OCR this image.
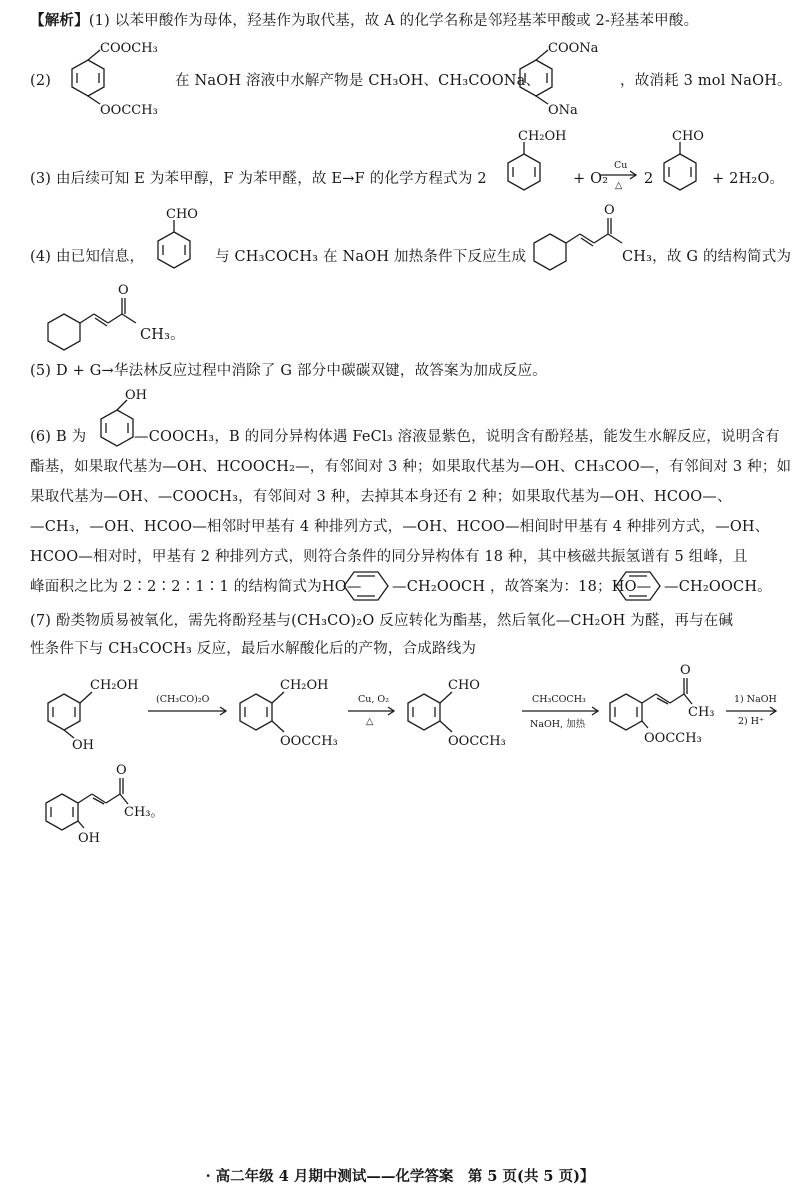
【解析】(1) 以苯甲酸作为母体，羟基作为取代基，故 A 的化学名称是邻羟基苯甲酸或 2-羟基苯甲酸。
(2)
COOCH₃
OOCCH₃
在 NaOH 溶液中水解产物是 CH₃OH、CH₃COONa、
COONa
ONa
，故消耗 3 mol NaOH。
(3) 由后续可知 E 为苯甲醇，F 为苯甲醛，故 E→F 的化学方程式为 2
CH₂OH
+ O₂
Cu
△ 2
CHO
+ 2H₂O。
(4) 由已知信息，
CHO
与 CH₃COCH₃ 在 NaOH 加热条件下反应生成
O
CH₃，故 G 的结构简式为
O
CH₃。
(5) D + G→华法林反应过程中消除了 G 部分中碳碳双键，故答案为加成反应。
(6) B 为
OH
—COOCH₃，B 的同分异构体遇 FeCl₃ 溶液显紫色，说明含有酚羟基，能发生水解反应，说明含有
酯基，如果取代基为—OH、HCOOCH₂—，有邻间对 3 种；如果取代基为—OH、CH₃COO—，有邻间对 3 种；如
果取代基为—OH、—COOCH₃，有邻间对 3 种，去掉其本身还有 2 种；如果取代基为—OH、HCOO—、
—CH₃，—OH、HCOO—相邻时甲基有 4 种排列方式，—OH、HCOO—相间时甲基有 4 种排列方式，—OH、
HCOO—相对时，甲基有 2 种排列方式，则符合条件的同分异构体有 18 种，其中核磁共振氢谱有 5 组峰，且
峰面积之比为 2∶2∶2∶1∶1 的结构简式为HO— —CH₂OOCH ，故答案为：18；HO— —CH₂OOCH。
(7) 酚类物质易被氧化，需先将酚羟基与(CH₃CO)₂O 反应转化为酯基，然后氧化—CH₂OH 为醛，再与在碱
性条件下与 CH₃COCH₃ 反应，最后水解酸化后的产物，合成路线为
CH₂OH
OH
(CH₃CO)₂O
CH₂OH
OOCCH₃
Cu, O₂
△
CHO
OOCCH₃
CH₃COCH₃
NaOH, 加热
O
CH₃
OOCCH₃
1) NaOH
2) H⁺
O
CH₃。
OH
· 高二年级 4 月期中测试——化学答案　第 5 页(共 5 页)】
